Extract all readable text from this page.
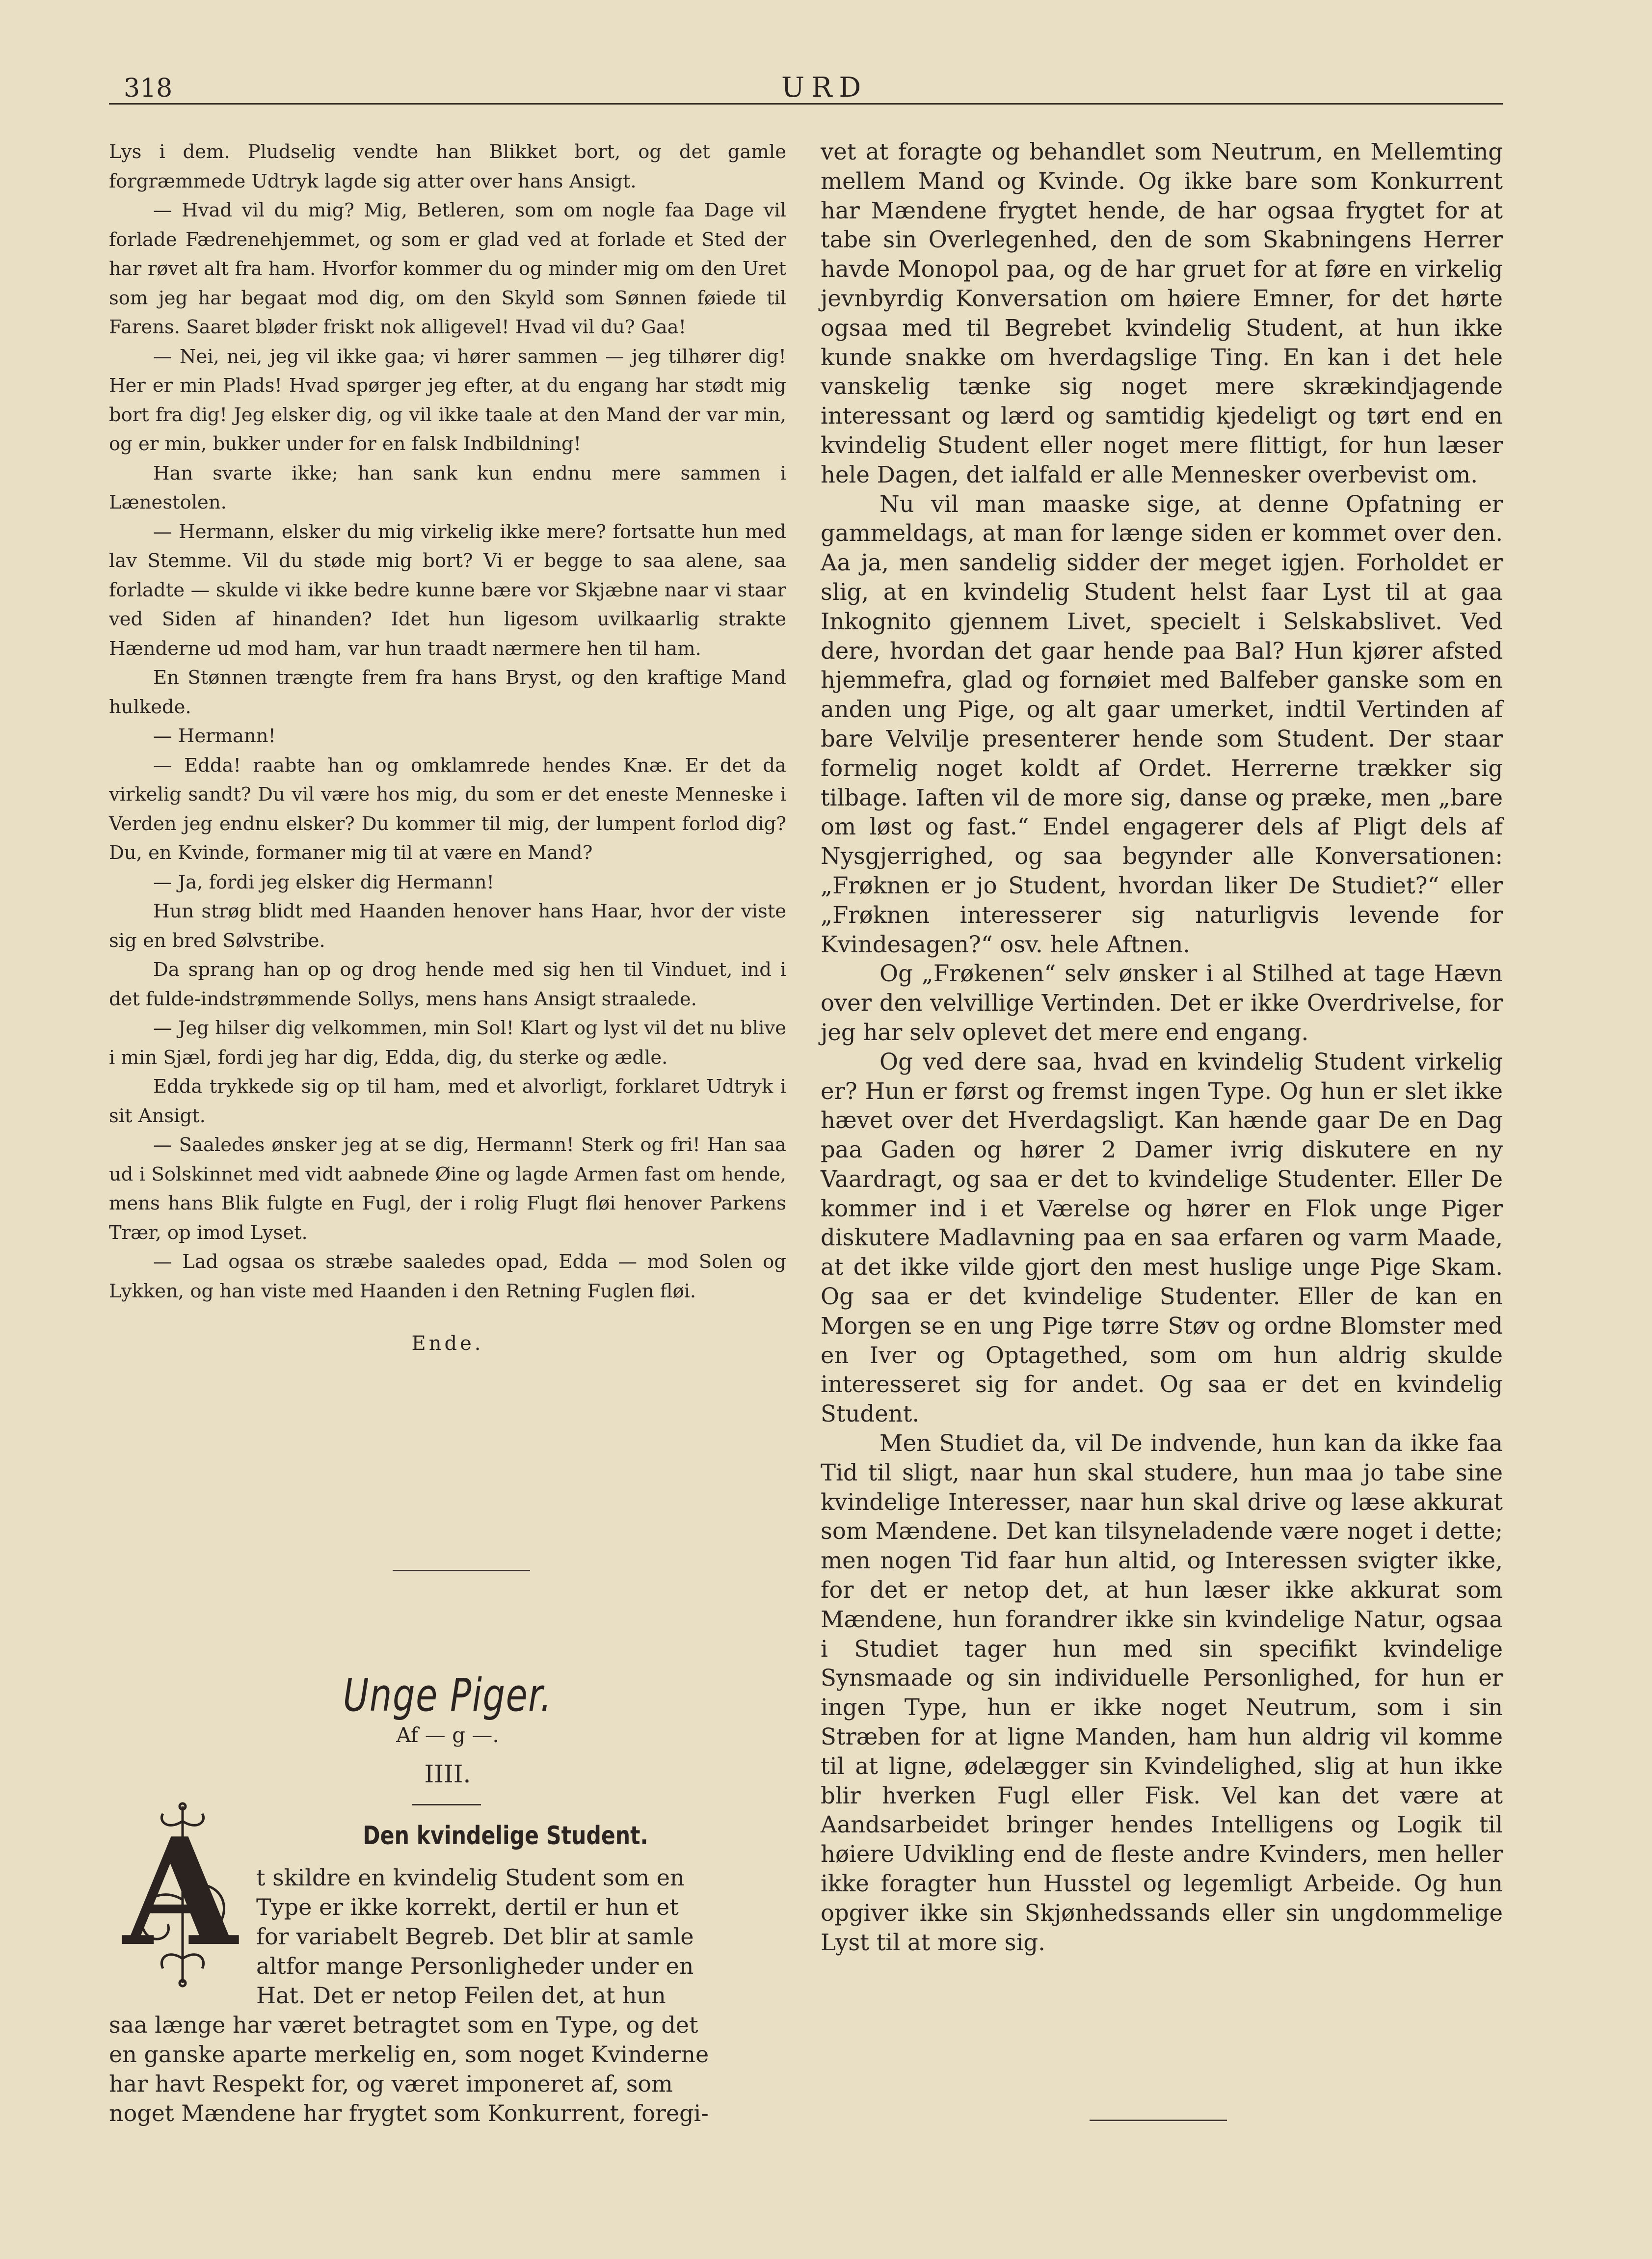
318	URD

Lys i dem. Pludselig vendte han Blikket bort, og det gamle forgræmmede Udtryk lagde sig atter over hans Ansigt.

— Hvad vil du mig? Mig, Betleren, som om nogle faa Dage vil forlade Fædrenehjemmet, og som er glad ved at forlade et Sted der har røvet alt fra ham. Hvorfor kommer du og minder mig om den Uret som jeg har begaat mod dig, om den Skyld som Sønnen føiede til Farens. Saaret bløder friskt nok alligevel! Hvad vil du? Gaa!

— Nei, nei, jeg vil ikke gaa; vi hører sammen — jeg tilhører dig! Her er min Plads! Hvad spørger jeg efter, at du engang har stødt mig bort fra dig! Jeg elsker dig, og vil ikke taale at den Mand der var min, og er min, bukker under for en falsk Indbildning!

Han svarte ikke; han sank kun endnu mere sammen i Lænestolen.

— Hermann, elsker du mig virkelig ikke mere? fortsatte hun med lav Stemme. Vil du støde mig bort? Vi er begge to saa alene, saa forladte — skulde vi ikke bedre kunne bære vor Skjæbne naar vi staar ved Siden af hinanden? Idet hun ligesom uvilkaarlig strakte Hænderne ud mod ham, var hun traadt nærmere hen til ham.

En Stønnen trængte frem fra hans Bryst, og den kraftige Mand hulkede.

— Hermann!

— Edda! raabte han og omklamrede hendes Knæ. Er det da virkelig sandt? Du vil være hos mig, du som er det eneste Menneske i Verden jeg endnu elsker? Du kommer til mig, der lumpent forlod dig? Du, en Kvinde, formaner mig til at være en Mand?

— Ja, fordi jeg elsker dig Hermann!

Hun strøg blidt med Haanden henover hans Haar, hvor der viste sig en bred Sølvstribe.

Da sprang han op og drog hende med sig hen til Vinduet, ind i det fulde-indstrømmende Sollys, mens hans Ansigt straalede.

— Jeg hilser dig velkommen, min Sol! Klart og lyst vil det nu blive i min Sjæl, fordi jeg har dig, Edda, dig, du sterke og ædle.

Edda trykkede sig op til ham, med et alvorligt, forklaret Udtryk i sit Ansigt.

— Saaledes ønsker jeg at se dig, Hermann! Sterk og fri! Han saa ud i Solskinnet med vidt aabnede Øine og lagde Armen fast om hende, mens hans Blik fulgte en Fugl, der i rolig Flugt fløi henover Parkens Trær, op imod Lyset.

— Lad ogsaa os stræbe saaledes opad, Edda — mod Solen og Lykken, og han viste med Haanden i den Retning Fuglen fløi.

Ende.
Unge Piger.
Af — g —.
IIII.
Den kvindelige Student.
A t skildre en kvindelig Student som en
Type er ikke korrekt, dertil er hun et
for variabelt Begreb. Det blir at samle
altfor mange Personligheder under en
Hat. Det er netop Feilen det, at hun
saa længe har været betragtet som en Type, og det
en ganske aparte merkelig en, som noget Kvinderne
har havt Respekt for, og været imponeret af, som
noget Mændene har frygtet som Konkurrent, foregi-

vet at foragte og behandlet som Neutrum, en Mellemting mellem Mand og Kvinde. Og ikke bare som Konkurrent har Mændene frygtet hende, de har ogsaa frygtet for at tabe sin Overlegenhed, den de som Skabningens Herrer havde Monopol paa, og de har gruet for at føre en virkelig jevnbyrdig Konversation om høiere Emner, for det hørte ogsaa med til Begrebet kvindelig Student, at hun ikke kunde snakke om hverdagslige Ting. En kan i det hele vanskelig tænke sig noget mere skrækindjagende interessant og lærd og samtidig kjedeligt og tørt end en kvindelig Student eller noget mere flittigt, for hun læser hele Dagen, det ialfald er alle Mennesker overbevist om.

Nu vil man maaske sige, at denne Opfatning er gammeldags, at man for længe siden er kommet over den. Aa ja, men sandelig sidder der meget igjen. Forholdet er slig, at en kvindelig Student helst faar Lyst til at gaa Inkognito gjennem Livet, specielt i Selskabslivet. Ved dere, hvordan det gaar hende paa Bal? Hun kjører afsted hjemmefra, glad og fornøiet med Balfeber ganske som en anden ung Pige, og alt gaar umerket, indtil Vertinden af bare Velvilje presenterer hende som Student. Der staar formelig noget koldt af Ordet. Herrerne trækker sig tilbage. Iaften vil de more sig, danse og præke, men „bare om løst og fast.“ Endel engagerer dels af Pligt dels af Nysgjerrighed, og saa begynder alle Konversationen: „Frøknen er jo Student, hvordan liker De Studiet?“ eller „Frøknen interesserer sig naturligvis levende for Kvindesagen?“ osv. hele Aftnen.

Og „Frøkenen“ selv ønsker i al Stilhed at tage Hævn over den velvillige Vertinden. Det er ikke Overdrivelse, for jeg har selv oplevet det mere end engang.

Og ved dere saa, hvad en kvindelig Student virkelig er? Hun er først og fremst ingen Type. Og hun er slet ikke hævet over det Hverdagsligt. Kan hænde gaar De en Dag paa Gaden og hører 2 Damer ivrig diskutere en ny Vaardragt, og saa er det to kvindelige Studenter. Eller De kommer ind i et Værelse og hører en Flok unge Piger diskutere Madlavning paa en saa erfaren og varm Maade, at det ikke vilde gjort den mest huslige unge Pige Skam. Og saa er det kvindelige Studenter. Eller de kan en Morgen se en ung Pige tørre Støv og ordne Blomster med en Iver og Optagethed, som om hun aldrig skulde interesseret sig for andet. Og saa er det en kvindelig Student.

Men Studiet da, vil De indvende, hun kan da ikke faa Tid til sligt, naar hun skal studere, hun maa jo tabe sine kvindelige Interesser, naar hun skal drive og læse akkurat som Mændene. Det kan tilsyneladende være noget i dette; men nogen Tid faar hun altid, og Interessen svigter ikke, for det er netop det, at hun læser ikke akkurat som Mændene, hun forandrer ikke sin kvindelige Natur, ogsaa i Studiet tager hun med sin specifikt kvindelige Synsmaade og sin individuelle Personlighed, for hun er ingen Type, hun er ikke noget Neutrum, som i sin Stræben for at ligne Manden, ham hun aldrig vil komme til at ligne, ødelægger sin Kvindelighed, slig at hun ikke blir hverken Fugl eller Fisk. Vel kan det være at Aandsarbeidet bringer hendes Intelligens og Logik til høiere Udvikling end de fleste andre Kvinders, men heller ikke foragter hun Husstel og legemligt Arbeide. Og hun opgiver ikke sin Skjønhedssands eller sin ungdommelige Lyst til at more sig.
